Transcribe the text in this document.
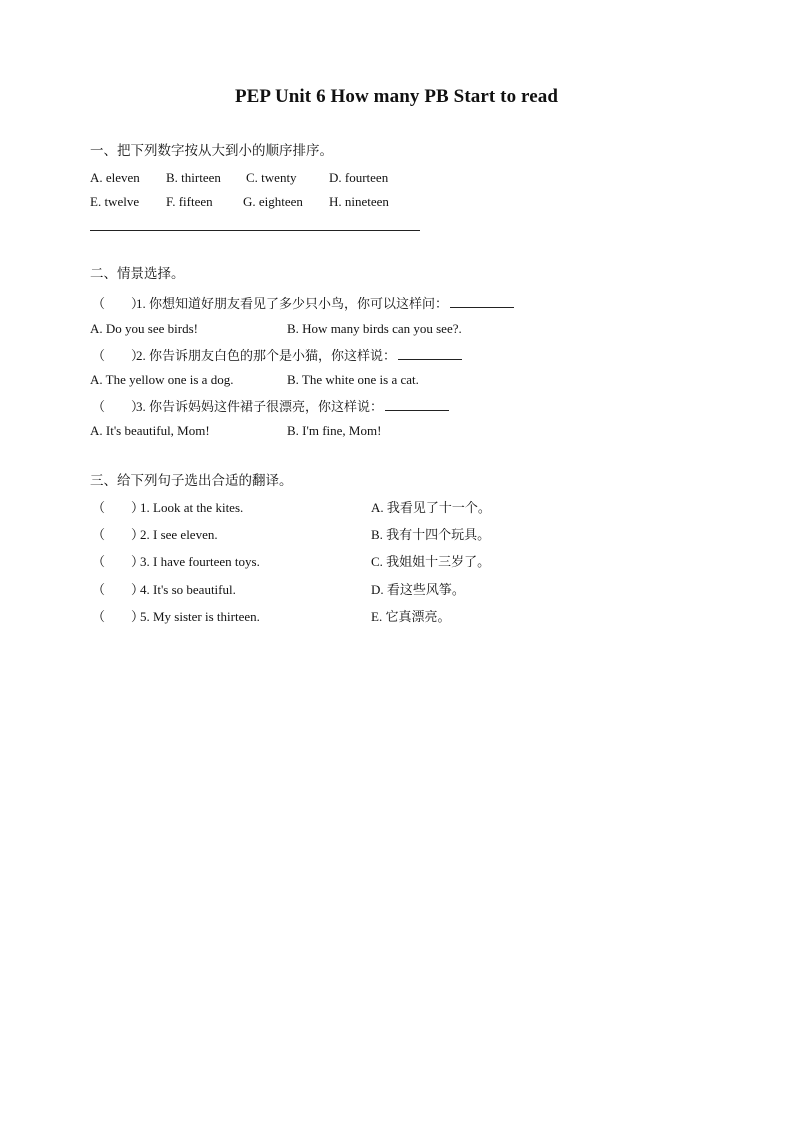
PEP Unit 6 How many PB Start to read
一、把下列数字按从大到小的顺序排序。
A. eleven B. thirteen C. twenty D. fourteen
E. twelve F. fifteen G. eighteen H. nineteen
二、情景选择。
（　　）1. 你想知道好朋友看见了多少只小鸟，你可以这样问：
A. Do you see birds!	B. How many birds can you see?.
（　　）2. 你告诉朋友白色的那个是小猫，你这样说：
A. The yellow one is a dog.	B. The white one is a cat.
（　　）3. 你告诉妈妈这件裙子很漂亮，你这样说：
A. It's beautiful, Mom!	B. I'm fine, Mom!
三、给下列句子选出合适的翻译。
（　　）1. Look at the kites.	A. 我看见了十一个。
（　　）2. I see eleven.	B. 我有十四个玩具。
（　　）3. I have fourteen toys.	C. 我姐姐十三岁了。
（　　）4. It's so beautiful.	D. 看这些风筝。
（　　）5. My sister is thirteen.	E. 它真漂亮。
